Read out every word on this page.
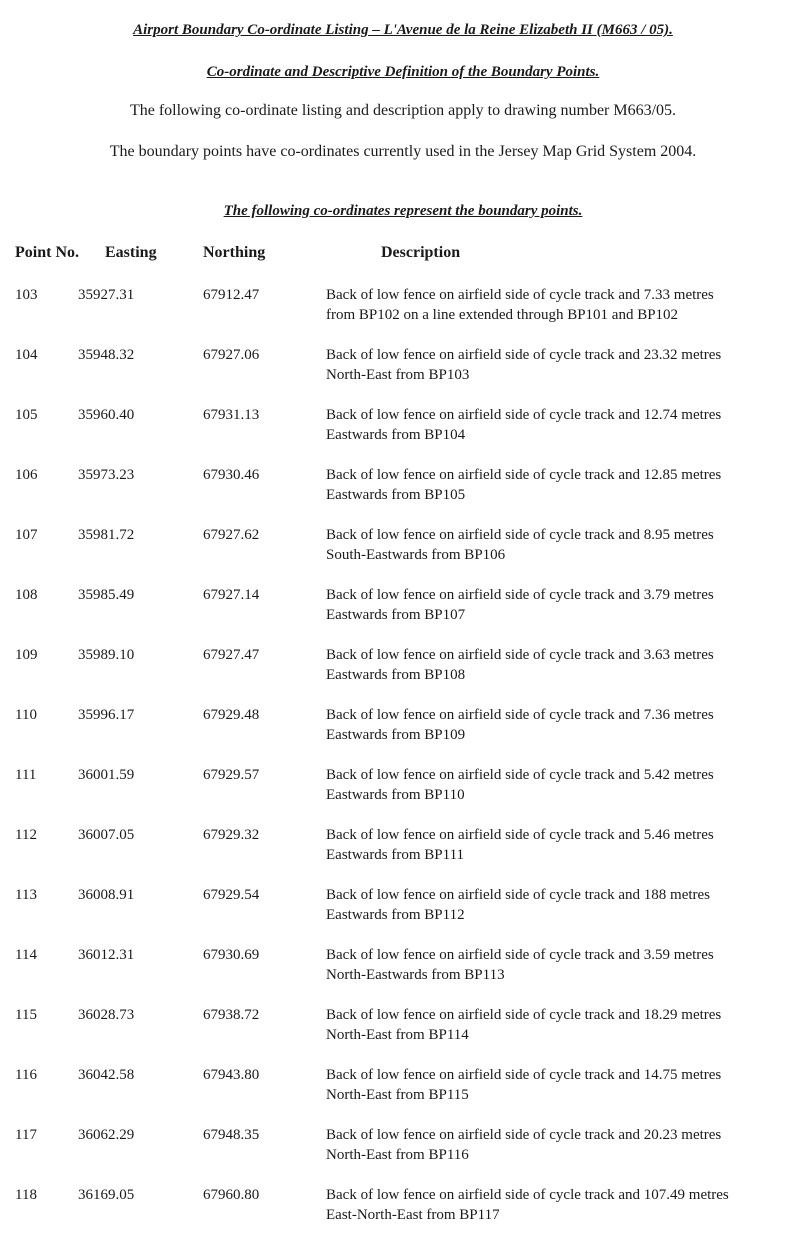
Airport Boundary Co-ordinate Listing – L'Avenue de la Reine Elizabeth II (M663 / 05).
Co-ordinate and Descriptive Definition of the Boundary Points.
The following co-ordinate listing and description apply to drawing number M663/05.
The boundary points have co-ordinates currently used in the Jersey Map Grid System 2004.
The following co-ordinates represent the boundary points.
Point No. Easting	Northing	Description
103	35927.31	67912.47	Back of low fence on airfield side of cycle track and 7.33 metres
from BP102 on a line extended through BP101 and BP102
104	35948.32	67927.06	Back of low fence on airfield side of cycle track and 23.32 metres
North-East from BP103
105	35960.40	67931.13	Back of low fence on airfield side of cycle track and 12.74 metres
Eastwards from BP104
106	35973.23	67930.46	Back of low fence on airfield side of cycle track and 12.85 metres
Eastwards from BP105
107	35981.72	67927.62	Back of low fence on airfield side of cycle track and 8.95 metres
South-Eastwards from BP106
108	35985.49	67927.14	Back of low fence on airfield side of cycle track and 3.79 metres
Eastwards from BP107
109	35989.10	67927.47	Back of low fence on airfield side of cycle track and 3.63 metres
Eastwards from BP108
110	35996.17	67929.48	Back of low fence on airfield side of cycle track and 7.36 metres
Eastwards from BP109
111	36001.59	67929.57	Back of low fence on airfield side of cycle track and 5.42 metres
Eastwards from BP110
112	36007.05	67929.32	Back of low fence on airfield side of cycle track and 5.46 metres
Eastwards from BP111
113	36008.91	67929.54	Back of low fence on airfield side of cycle track and 188 metres
Eastwards from BP112
114	36012.31	67930.69	Back of low fence on airfield side of cycle track and 3.59 metres
North-Eastwards from BP113
115	36028.73	67938.72	Back of low fence on airfield side of cycle track and 18.29 metres
North-East from BP114
116	36042.58	67943.80	Back of low fence on airfield side of cycle track and 14.75 metres
North-East from BP115
117	36062.29	67948.35	Back of low fence on airfield side of cycle track and 20.23 metres
North-East from BP116
118	36169.05	67960.80	Back of low fence on airfield side of cycle track and 107.49 metres
East-North-East from BP117
